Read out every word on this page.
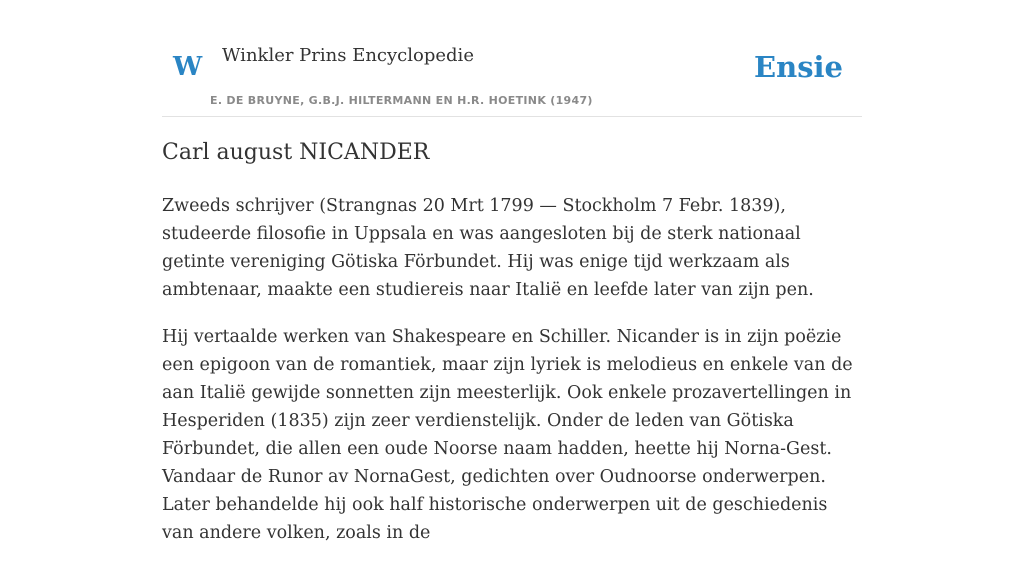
W Winkler Prins Encyclopedie
E. DE BRUYNE, G.B.J. HILTERMANN EN H.R. HOETINK (1947)
Ensie
Carl august NICANDER

Zweeds schrijver (Strangnas 20 Mrt 1799 — Stockholm 7 Febr. 1839), studeerde filosofie in Uppsala en was aangesloten bij de sterk nationaal getinte vereniging Götiska Förbundet. Hij was enige tijd werkzaam als ambtenaar, maakte een studiereis naar Italië en leefde later van zijn pen.

Hij vertaalde werken van Shakespeare en Schiller. Nicander is in zijn poëzie een epigoon van de romantiek, maar zijn lyriek is melodieus en enkele van de aan Italië gewijde sonnetten zijn meesterlijk. Ook enkele prozavertellingen in Hesperiden (1835) zijn zeer verdienstelijk. Onder de leden van Götiska Förbundet, die allen een oude Noorse naam hadden, heette hij Norna-Gest. Vandaar de Runor av NornaGest, gedichten over Oudnoorse onderwerpen. Later behandelde hij ook half historische onderwerpen uit de geschiedenis van andere volken, zoals in de
